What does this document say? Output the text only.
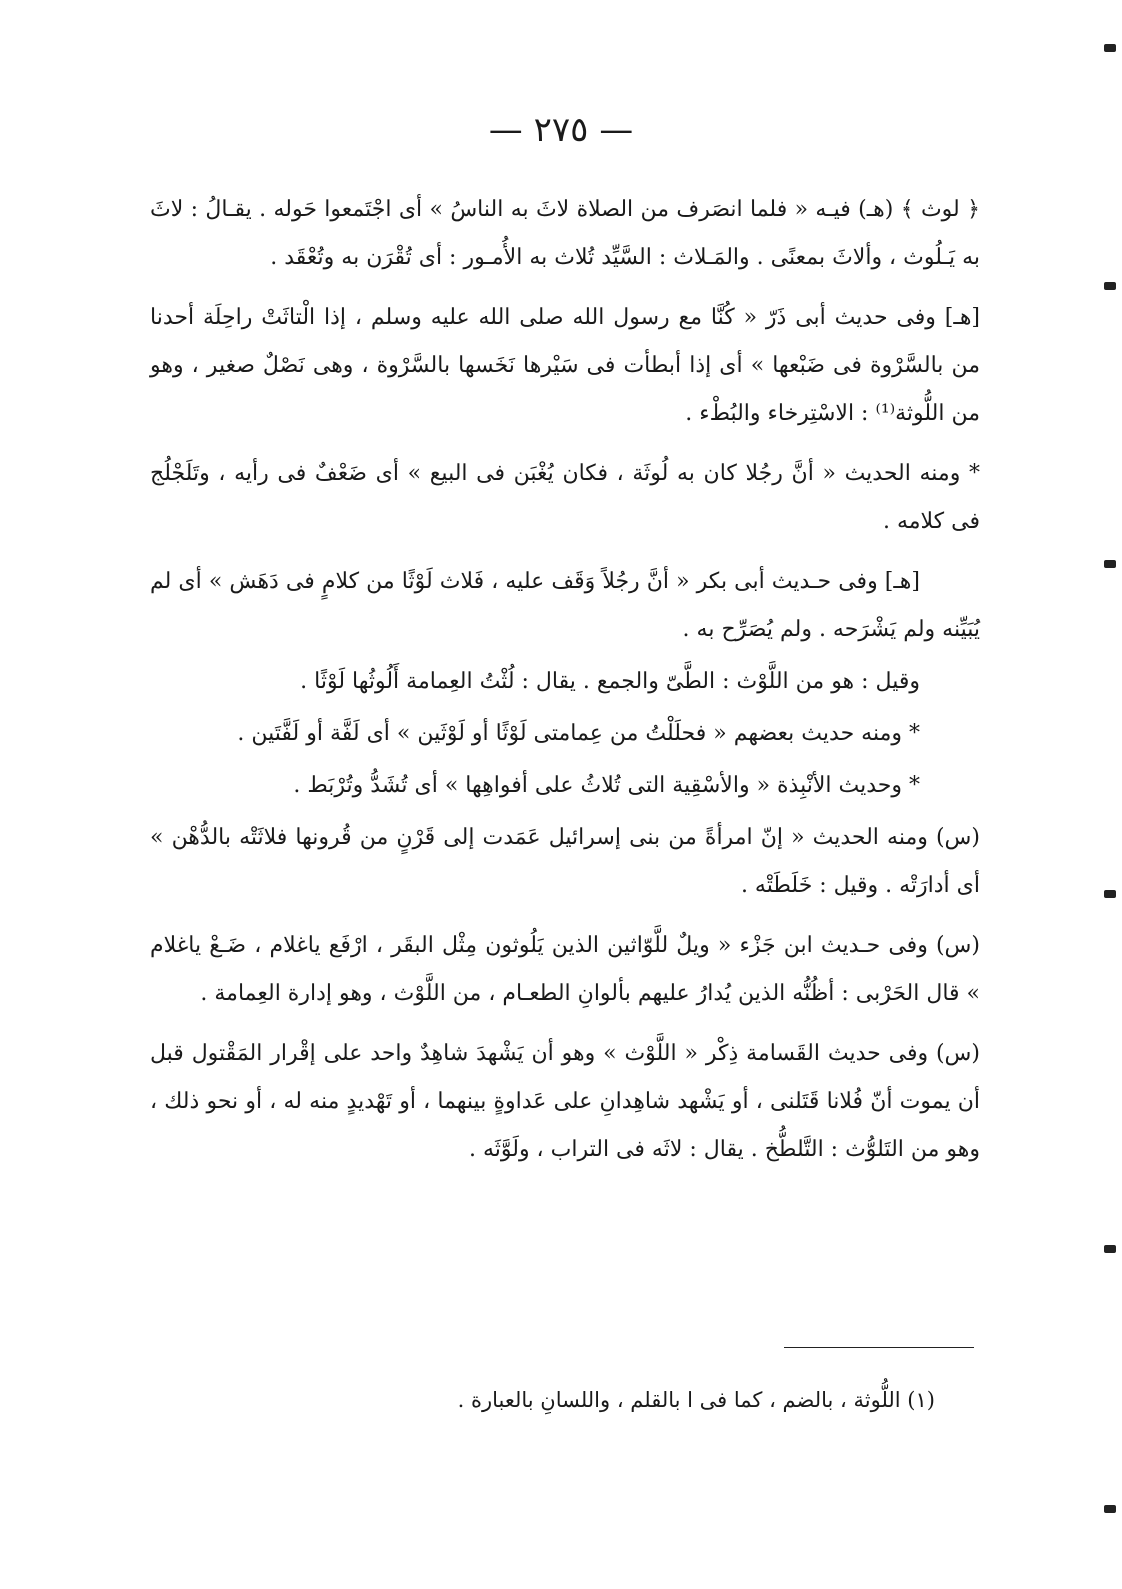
— ٢٧٥ —

﴿ لوث ﴾ (هـ) فيـه « فلما انصَرف من الصلاة لاثَ به الناسُ » أى اجْتَمعوا حَوله . يقـالُ : لاثَ به يَـلُوث ، وألاثَ بمعنًى . والمَـلاث : السَّيِّد تُلاث به الأُمـور : أى تُقْرَن به وتُعْقَد .

[هـ] وفى حديث أبى ذَرّ « كُنَّا مع رسول الله صلى الله عليه وسلم ، إذا الْتاثَتْ راحِلَة أحدنا من بالسَّرْوة فى ضَبْعها » أى إذا أبطأت فى سَيْرها نَخَسها بالسَّرْوة ، وهى نَصْلٌ صغير ، وهو من اللُّوثة⁽¹⁾ : الاسْتِرخاء والبُطْء .

* ومنه الحديث « أنَّ رجُلا كان به لُوثَة ، فكان يُغْبَن فى البيع » أى ضَعْفٌ فى رأيه ، وتَلَجْلُج فى كلامه .

[هـ] وفى حـديث أبى بكر « أنَّ رجُلاً وَقَف عليه ، فَلاث لَوْثًا من كلامٍ فى دَهَش » أى لم يُبَيِّنه ولم يَشْرَحه . ولم يُصَرِّح به .

وقيل : هو من اللَّوْث : الطَّىّ والجمع . يقال : لُثْتُ العِمامة أَلُوثُها لَوْثًا .

* ومنه حديث بعضهم « فحلَلْتُ من عِمامتى لَوْثًا أو لَوْثَين » أى لَفَّة أو لَفَّتَين .

* وحديث الأنْبِذة « والأسْقِية التى تُلاثُ على أفواهِها » أى تُشَدُّ وتُرْبَط .

(س) ومنه الحديث « إنّ امرأةً من بنى إسرائيل عَمَدت إلى قَرْنٍ من قُرونها فلاثَتْه بالدُّهْن » أى أدارَتْه . وقيل : خَلَطَتْه .

(س) وفى حـديث ابن جَزْء « ويلٌ للَّوّاثين الذين يَلُوثون مِثْل البقَر ، ارْفَع ياغلام ، ضَـعْ ياغلام » قال الحَرْبى : أظُنُّه الذين يُدارُ عليهم بألوانِ الطعـام ، من اللَّوْث ، وهو إدارة العِمامة .

(س) وفى حديث القَسامة ذِكْر « اللَّوْث » وهو أن يَشْهدَ شاهِدٌ واحد على إقْرار المَقْتول قبل أن يموت أنّ فُلانا قَتَلنى ، أو يَشْهد شاهِدانِ على عَداوةٍ بينهما ، أو تَهْديدٍ منه له ، أو نحو ذلك ، وهو من التَلوُّث : التَّلطُّخ . يقال : لاثَه فى التراب ، ولَوَّثَه .

(١) اللُّوثة ، بالضم ، كما فى ا بالقلم ، واللسانِ بالعبارة .
